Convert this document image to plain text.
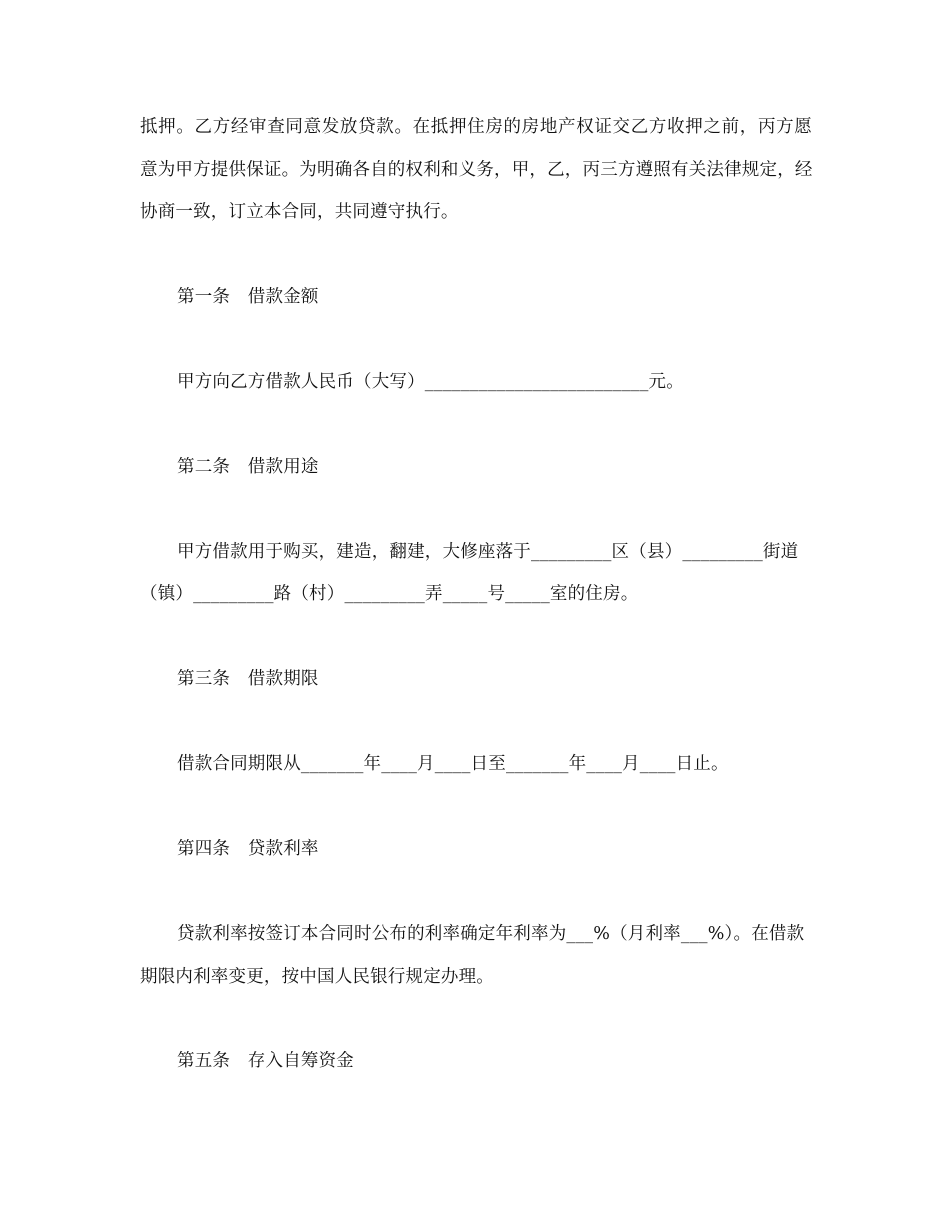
抵押。乙方经审查同意发放贷款。在抵押住房的房地产权证交乙方收押之前，丙方愿
意为甲方提供保证。为明确各自的权利和义务，甲，乙，丙三方遵照有关法律规定，经
协商一致，订立本合同，共同遵守执行。
第一条　借款金额
甲方向乙方借款人民币（大写）_________________________元。
第二条　借款用途
甲方借款用于购买，建造，翻建，大修座落于_________区（县）_________街道
（镇）_________路（村）_________弄_____号_____室的住房。
第三条　借款期限
借款合同期限从_______年____月____日至_______年____月____日止。
第四条　贷款利率
贷款利率按签订本合同时公布的利率确定年利率为___%（月利率___%）。在借款
期限内利率变更，按中国人民银行规定办理。
第五条　存入自筹资金
